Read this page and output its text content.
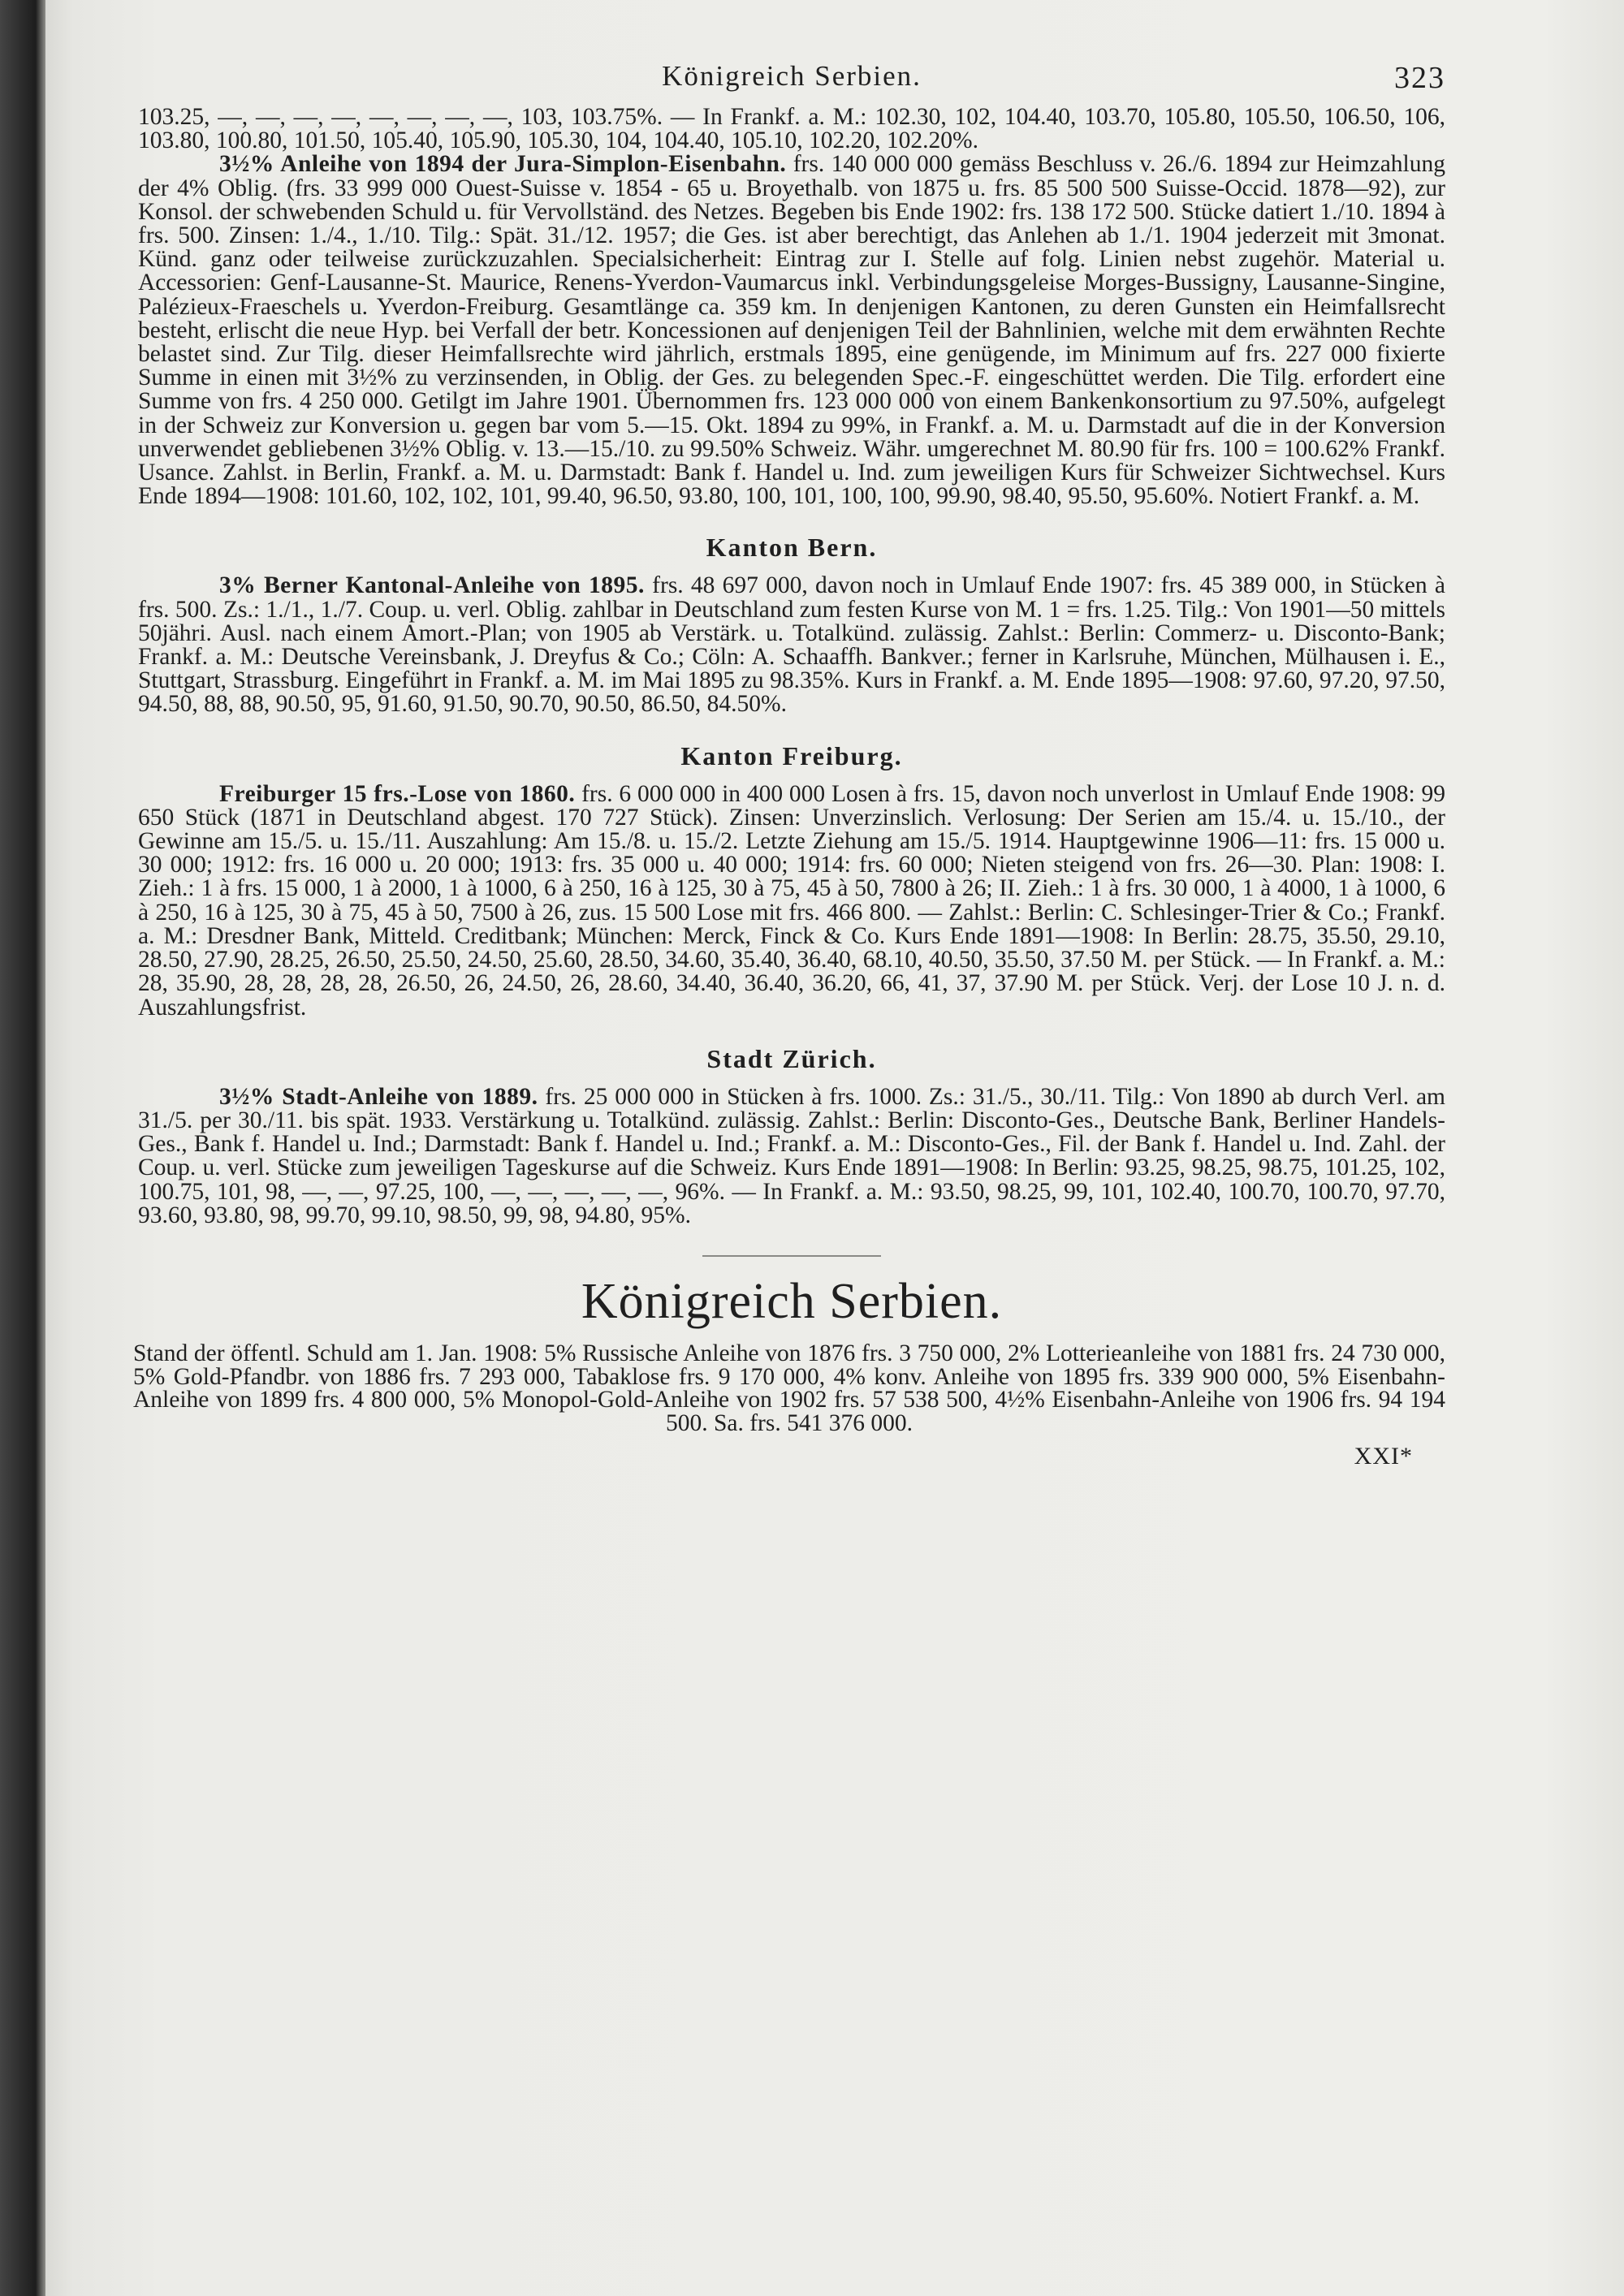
Königreich Serbien.	323

103.25, —, —, —, —, —, —, —, —, 103, 103.75%. — In Frankf. a. M.: 102.30, 102, 104.40, 103.70, 105.80, 105.50, 106.50, 106, 103.80, 100.80, 101.50, 105.40, 105.90, 105.30, 104, 104.40, 105.10, 102.20, 102.20%.

3½% Anleihe von 1894 der Jura-Simplon-Eisenbahn. frs. 140 000 000 gemäss Beschluss v. 26./6. 1894 zur Heimzahlung der 4% Oblig. (frs. 33 999 000 Ouest-Suisse v. 1854 - 65 u. Broyethalb. von 1875 u. frs. 85 500 500 Suisse-Occid. 1878—92), zur Konsol. der schwebenden Schuld u. für Vervollständ. des Netzes. Begeben bis Ende 1902: frs. 138 172 500. Stücke datiert 1./10. 1894 à frs. 500. Zinsen: 1./4., 1./10. Tilg.: Spät. 31./12. 1957; die Ges. ist aber berechtigt, das Anlehen ab 1./1. 1904 jederzeit mit 3monat. Künd. ganz oder teilweise zurückzuzahlen. Specialsicherheit: Eintrag zur I. Stelle auf folg. Linien nebst zugehör. Material u. Accessorien: Genf-Lausanne-St. Maurice, Renens-Yverdon-Vaumarcus inkl. Verbindungsgeleise Morges-Bussigny, Lausanne-Singine, Palézieux-Fraeschels u. Yverdon-Freiburg. Gesamtlänge ca. 359 km. In denjenigen Kantonen, zu deren Gunsten ein Heimfallsrecht besteht, erlischt die neue Hyp. bei Verfall der betr. Koncessionen auf denjenigen Teil der Bahnlinien, welche mit dem erwähnten Rechte belastet sind. Zur Tilg. dieser Heimfallsrechte wird jährlich, erstmals 1895, eine genügende, im Minimum auf frs. 227 000 fixierte Summe in einen mit 3½% zu verzinsenden, in Oblig. der Ges. zu belegenden Spec.-F. eingeschüttet werden. Die Tilg. erfordert eine Summe von frs. 4 250 000. Getilgt im Jahre 1901. Übernommen frs. 123 000 000 von einem Bankenkonsortium zu 97.50%, aufgelegt in der Schweiz zur Konversion u. gegen bar vom 5.—15. Okt. 1894 zu 99%, in Frankf. a. M. u. Darmstadt auf die in der Konversion unverwendet gebliebenen 3½% Oblig. v. 13.—15./10. zu 99.50% Schweiz. Währ. umgerechnet M. 80.90 für frs. 100 = 100.62% Frankf. Usance. Zahlst. in Berlin, Frankf. a. M. u. Darmstadt: Bank f. Handel u. Ind. zum jeweiligen Kurs für Schweizer Sichtwechsel. Kurs Ende 1894—1908: 101.60, 102, 102, 101, 99.40, 96.50, 93.80, 100, 101, 100, 100, 99.90, 98.40, 95.50, 95.60%. Notiert Frankf. a. M.

Kanton Bern.

3% Berner Kantonal-Anleihe von 1895. frs. 48 697 000, davon noch in Umlauf Ende 1907: frs. 45 389 000, in Stücken à frs. 500. Zs.: 1./1., 1./7. Coup. u. verl. Oblig. zahlbar in Deutschland zum festen Kurse von M. 1 = frs. 1.25. Tilg.: Von 1901—50 mittels 50jähri. Ausl. nach einem Amort.-Plan; von 1905 ab Verstärk. u. Totalkünd. zulässig. Zahlst.: Berlin: Commerz- u. Disconto-Bank; Frankf. a. M.: Deutsche Vereinsbank, J. Dreyfus & Co.; Cöln: A. Schaaffh. Bankver.; ferner in Karlsruhe, München, Mülhausen i. E., Stuttgart, Strassburg. Eingeführt in Frankf. a. M. im Mai 1895 zu 98.35%. Kurs in Frankf. a. M. Ende 1895—1908: 97.60, 97.20, 97.50, 94.50, 88, 88, 90.50, 95, 91.60, 91.50, 90.70, 90.50, 86.50, 84.50%.

Kanton Freiburg.

Freiburger 15 frs.-Lose von 1860. frs. 6 000 000 in 400 000 Losen à frs. 15, davon noch unverlost in Umlauf Ende 1908: 99 650 Stück (1871 in Deutschland abgest. 170 727 Stück). Zinsen: Unverzinslich. Verlosung: Der Serien am 15./4. u. 15./10., der Gewinne am 15./5. u. 15./11. Auszahlung: Am 15./8. u. 15./2. Letzte Ziehung am 15./5. 1914. Hauptgewinne 1906—11: frs. 15 000 u. 30 000; 1912: frs. 16 000 u. 20 000; 1913: frs. 35 000 u. 40 000; 1914: frs. 60 000; Nieten steigend von frs. 26—30. Plan: 1908: I. Zieh.: 1 à frs. 15 000, 1 à 2000, 1 à 1000, 6 à 250, 16 à 125, 30 à 75, 45 à 50, 7800 à 26; II. Zieh.: 1 à frs. 30 000, 1 à 4000, 1 à 1000, 6 à 250, 16 à 125, 30 à 75, 45 à 50, 7500 à 26, zus. 15 500 Lose mit frs. 466 800. — Zahlst.: Berlin: C. Schlesinger-Trier & Co.; Frankf. a. M.: Dresdner Bank, Mitteld. Creditbank; München: Merck, Finck & Co. Kurs Ende 1891—1908: In Berlin: 28.75, 35.50, 29.10, 28.50, 27.90, 28.25, 26.50, 25.50, 24.50, 25.60, 28.50, 34.60, 35.40, 36.40, 68.10, 40.50, 35.50, 37.50 M. per Stück. — In Frankf. a. M.: 28, 35.90, 28, 28, 28, 28, 26.50, 26, 24.50, 26, 28.60, 34.40, 36.40, 36.20, 66, 41, 37, 37.90 M. per Stück. Verj. der Lose 10 J. n. d. Auszahlungsfrist.

Stadt Zürich.

3½% Stadt-Anleihe von 1889. frs. 25 000 000 in Stücken à frs. 1000. Zs.: 31./5., 30./11. Tilg.: Von 1890 ab durch Verl. am 31./5. per 30./11. bis spät. 1933. Verstärkung u. Totalkünd. zulässig. Zahlst.: Berlin: Disconto-Ges., Deutsche Bank, Berliner Handels-Ges., Bank f. Handel u. Ind.; Darmstadt: Bank f. Handel u. Ind.; Frankf. a. M.: Disconto-Ges., Fil. der Bank f. Handel u. Ind. Zahl. der Coup. u. verl. Stücke zum jeweiligen Tageskurse auf die Schweiz. Kurs Ende 1891—1908: In Berlin: 93.25, 98.25, 98.75, 101.25, 102, 100.75, 101, 98, —, —, 97.25, 100, —, —, —, —, —, 96%. — In Frankf. a. M.: 93.50, 98.25, 99, 101, 102.40, 100.70, 100.70, 97.70, 93.60, 93.80, 98, 99.70, 99.10, 98.50, 99, 98, 94.80, 95%.

Königreich Serbien.

Stand der öffentl. Schuld am 1. Jan. 1908: 5% Russische Anleihe von 1876 frs. 3 750 000, 2% Lotterieanleihe von 1881 frs. 24 730 000, 5% Gold-Pfandbr. von 1886 frs. 7 293 000, Tabaklose frs. 9 170 000, 4% konv. Anleihe von 1895 frs. 339 900 000, 5% Eisenbahn-Anleihe von 1899 frs. 4 800 000, 5% Monopol-Gold-Anleihe von 1902 frs. 57 538 500, 4½% Eisenbahn-Anleihe von 1906 frs. 94 194 500. Sa. frs. 541 376 000.

XXI*
